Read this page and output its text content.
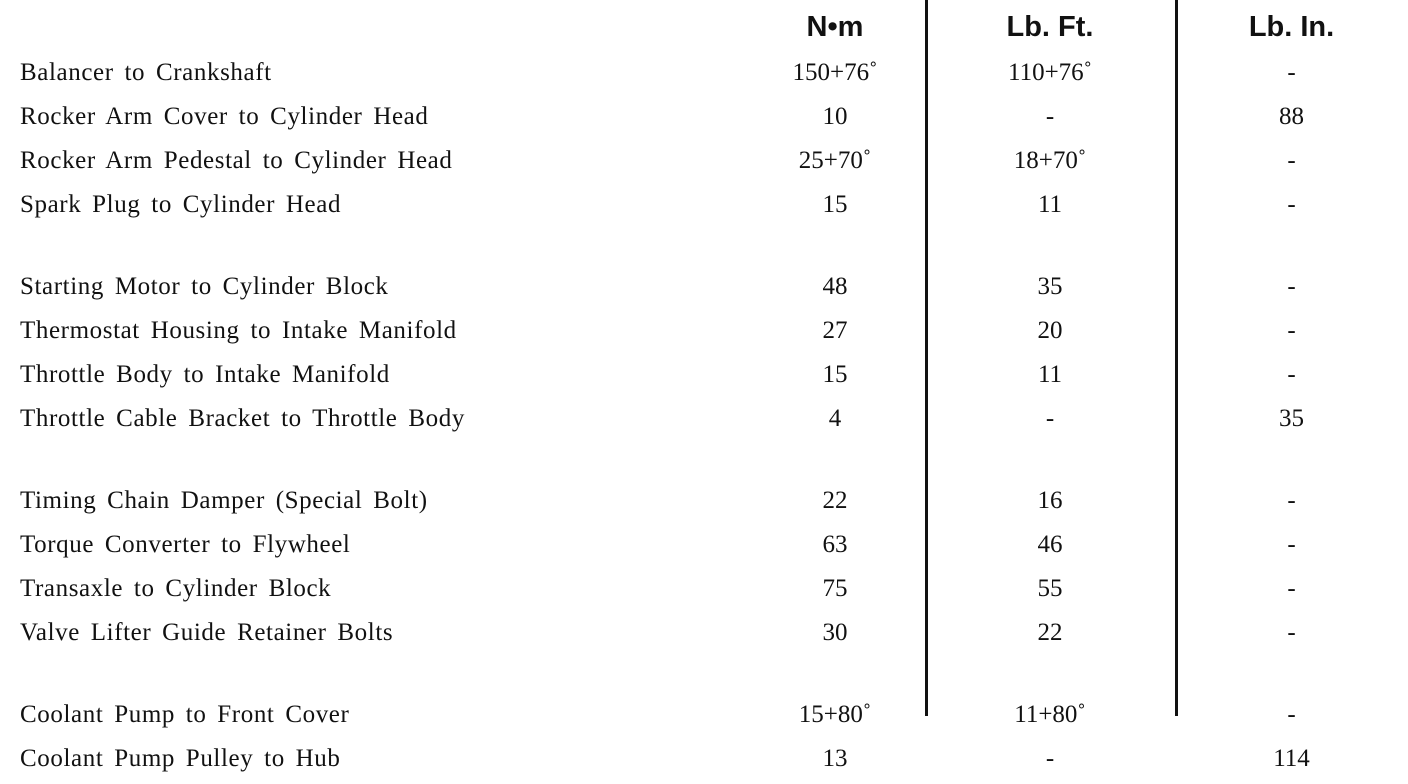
	N•m	Lb. Ft.	Lb. In.
Balancer to Crankshaft	150+76˚	110+76˚	-
Rocker Arm Cover to Cylinder Head	10	-	88
Rocker Arm Pedestal to Cylinder Head	25+70˚	18+70˚	-
Spark Plug to Cylinder Head	15	11	-

Starting Motor to Cylinder Block	48	35	-
Thermostat Housing to Intake Manifold	27	20	-
Throttle Body to Intake Manifold	15	11	-
Throttle Cable Bracket to Throttle Body	4	-	35

Timing Chain Damper (Special Bolt)	22	16	-
Torque Converter to Flywheel	63	46	-
Transaxle to Cylinder Block	75	55	-
Valve Lifter Guide Retainer Bolts	30	22	-

Coolant Pump to Front Cover	15+80˚	11+80˚	-
Coolant Pump Pulley to Hub	13	-	114
